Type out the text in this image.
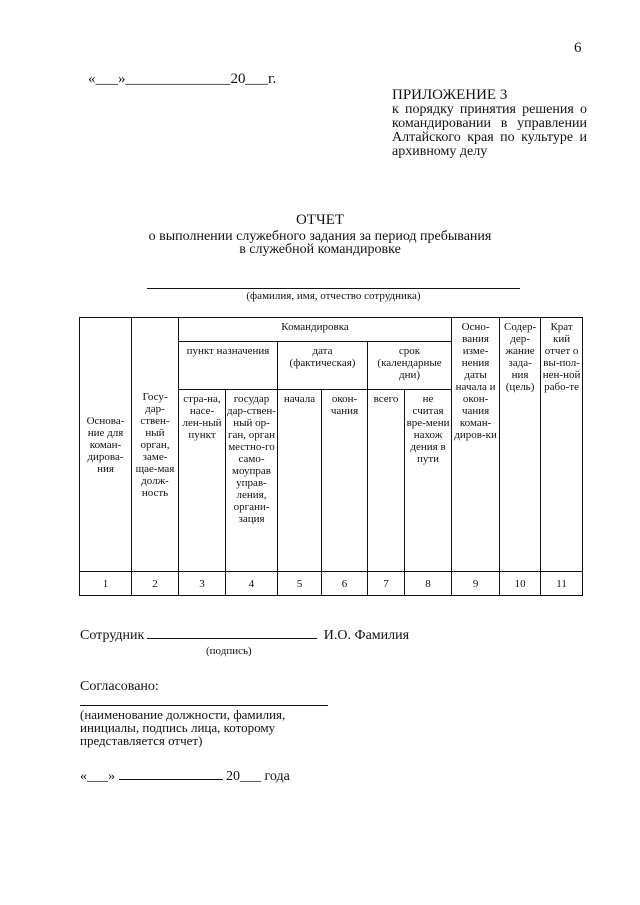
6
«___»______________20___г.
ПРИЛОЖЕНИЕ 3
к порядку принятия решения о командировании в управлении Алтайского края по культуре и архивному делу
ОТЧЕТ
о выполнении служебного задания за период пребывания
в служебной командировке
(фамилия, имя, отчество сотрудника)
Основа-ние для коман-дирова-ния	Госу-дар-ствен-ный орган, заме-щае-мая долж-ность	Командировка						Осно-вания изме-нения даты начала и окон-чания коман-диров-ки	Содер-дер-жание зада-ния (цель)	Крат кий отчет о вы-пол-нен-ной рабо-те
		пункт назначения		дата (фактическая)		срок (календарные дни)				
		стра-на, насе-лен-ный пункт	государ дар-ствен-ный ор-ган, орган местно-го само-моуправ управ-ления, органи-зация	начала	окон-чания	всего	не считая вре-мени нахож дения в пути			
1	2	3	4	5	6	7	8	9	10	11
Сотрудник	И.О. Фамилия
(подпись)
Согласовано:
(наименование должности, фамилия, инициалы, подпись лица, которому представляется отчет)
«___»	20___ года
